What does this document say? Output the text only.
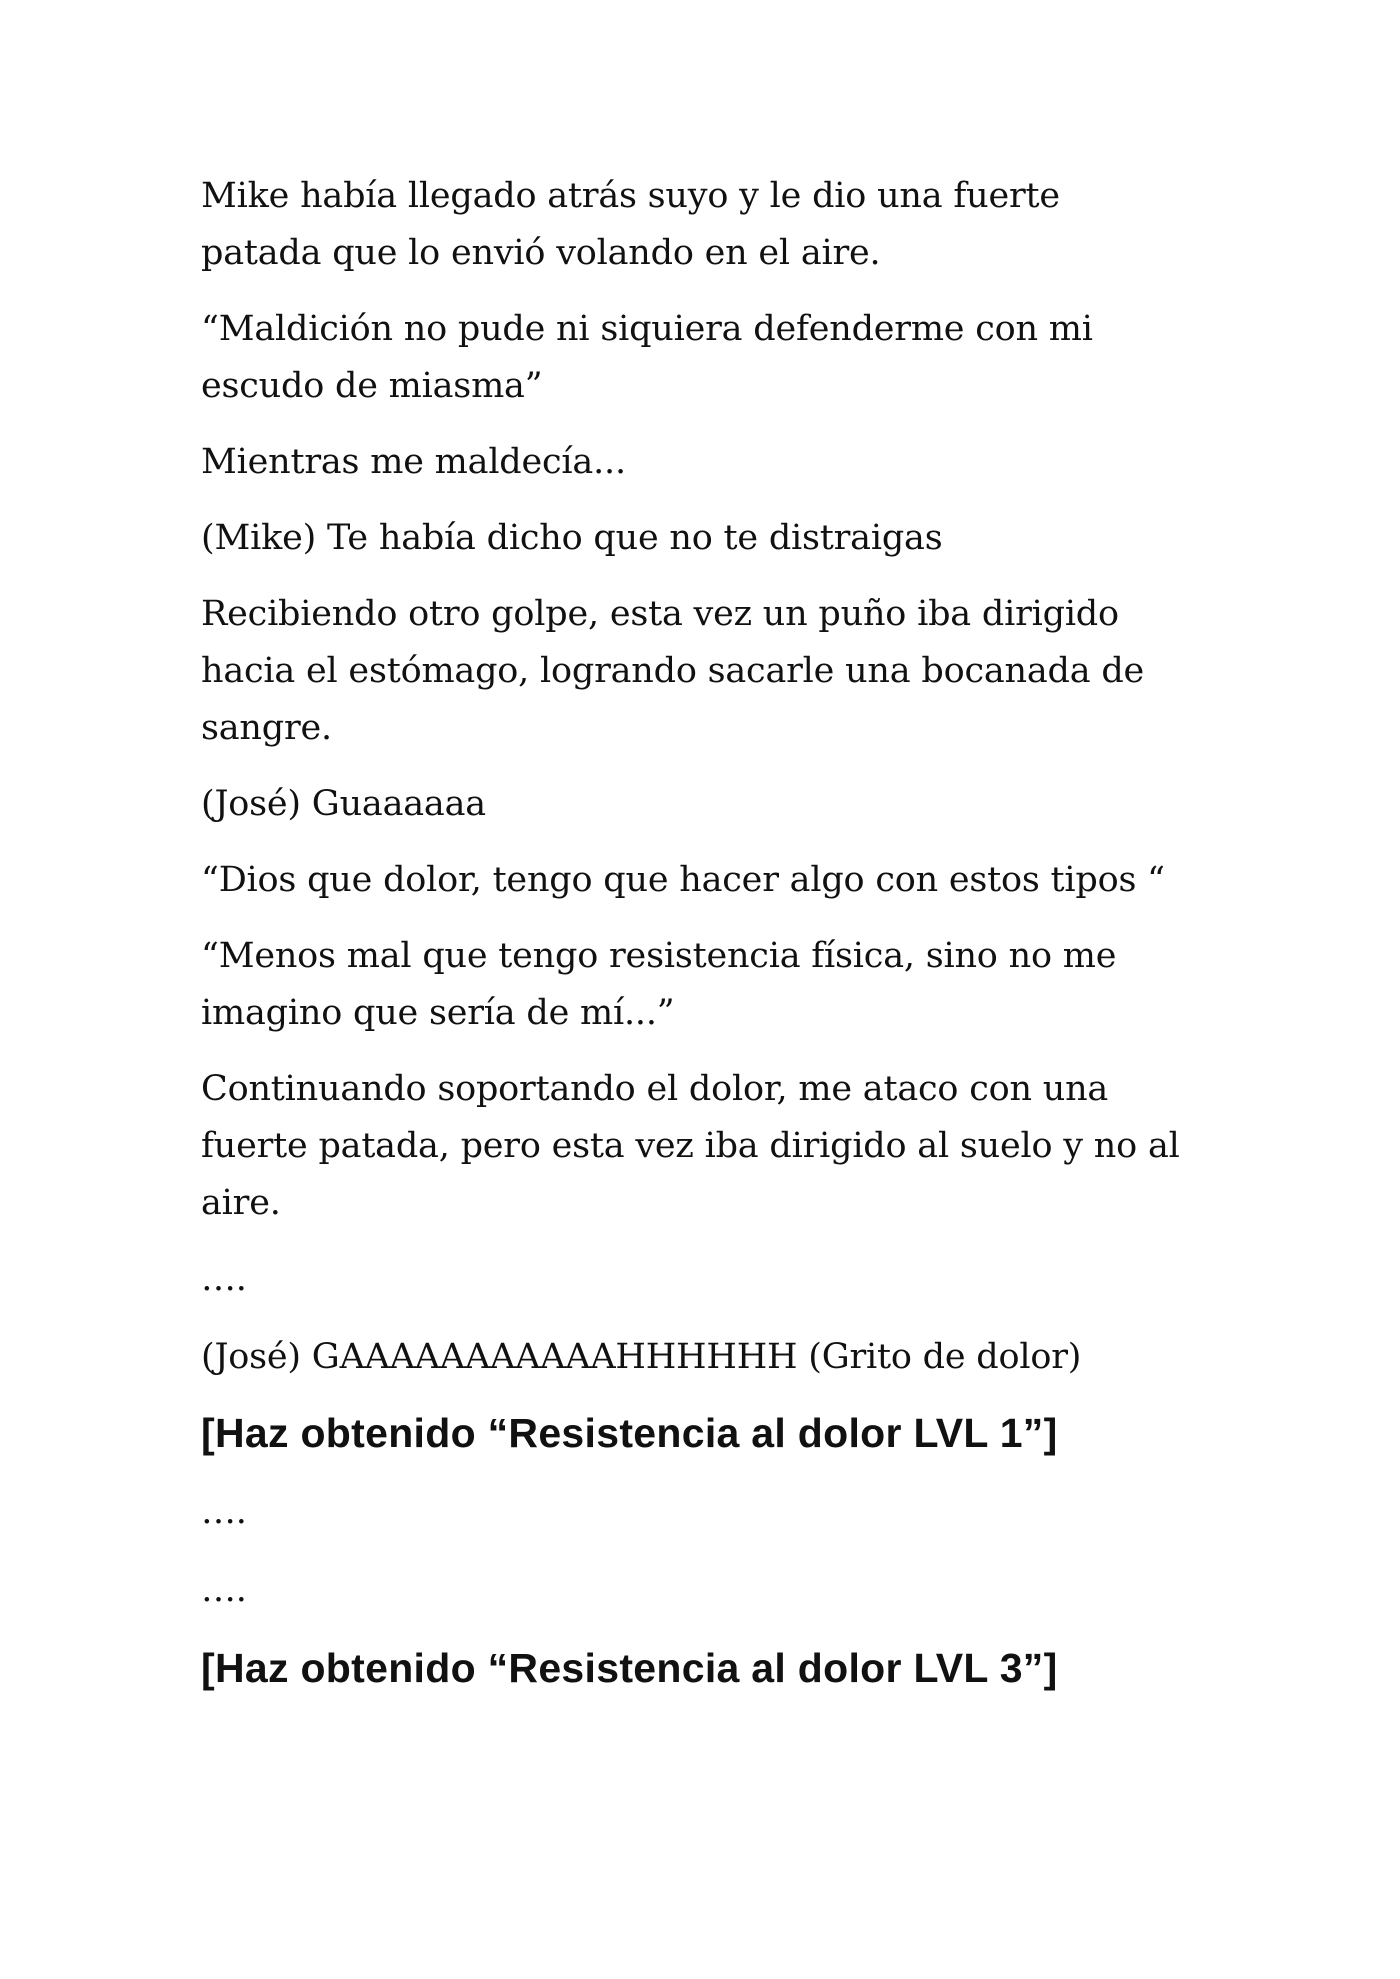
Mike había llegado atrás suyo y le dio una fuerte
patada que lo envió volando en el aire.

“Maldición no pude ni siquiera defenderme con mi
escudo de miasma”

Mientras me maldecía...

(Mike) Te había dicho que no te distraigas

Recibiendo otro golpe, esta vez un puño iba dirigido
hacia el estómago, logrando sacarle una bocanada de
sangre.

(José) Guaaaaaa

“Dios que dolor, tengo que hacer algo con estos tipos “

“Menos mal que tengo resistencia física, sino no me
imagino que sería de mí...”

Continuando soportando el dolor, me ataco con una
fuerte patada, pero esta vez iba dirigido al suelo y no al
aire.

….

(José) GAAAAAAAAAAAHHHHHH (Grito de dolor)

[Haz obtenido “Resistencia al dolor LVL 1”]

….

….

[Haz obtenido “Resistencia al dolor LVL 3”]
